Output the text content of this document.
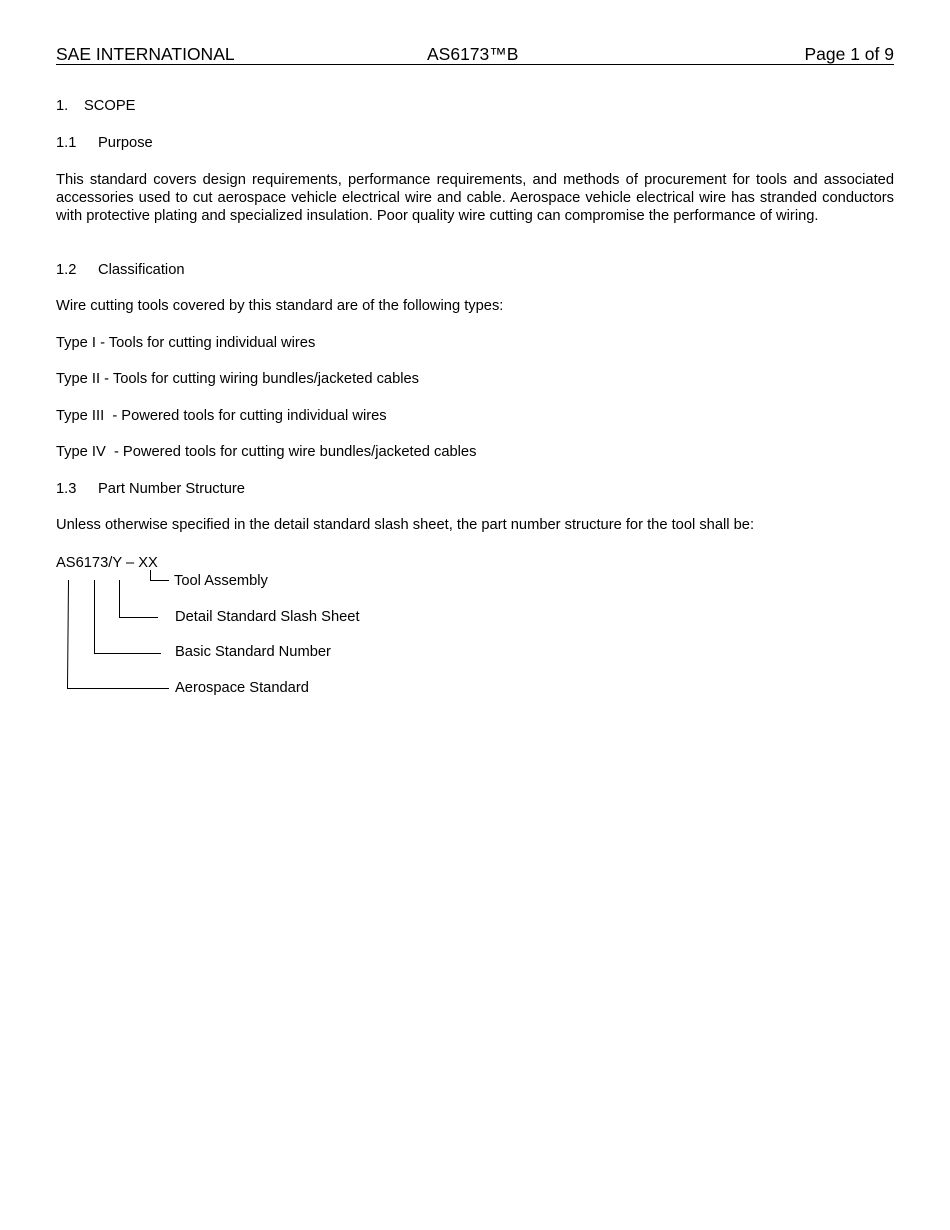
SAE INTERNATIONAL	AS6173™B	Page 1 of 9
1. SCOPE
1.1 Purpose
This standard covers design requirements, performance requirements, and methods of procurement for tools and associated accessories used to cut aerospace vehicle electrical wire and cable. Aerospace vehicle electrical wire has stranded conductors with protective plating and specialized insulation. Poor quality wire cutting can compromise the performance of wiring.
1.2 Classification
Wire cutting tools covered by this standard are of the following types:
Type I - Tools for cutting individual wires
Type II - Tools for cutting wiring bundles/jacketed cables
Type III  - Powered tools for cutting individual wires
Type IV  - Powered tools for cutting wire bundles/jacketed cables
1.3 Part Number Structure
Unless otherwise specified in the detail standard slash sheet, the part number structure for the tool shall be:
AS6173/Y – XX
Tool Assembly
Detail Standard Slash Sheet
Basic Standard Number
Aerospace Standard
